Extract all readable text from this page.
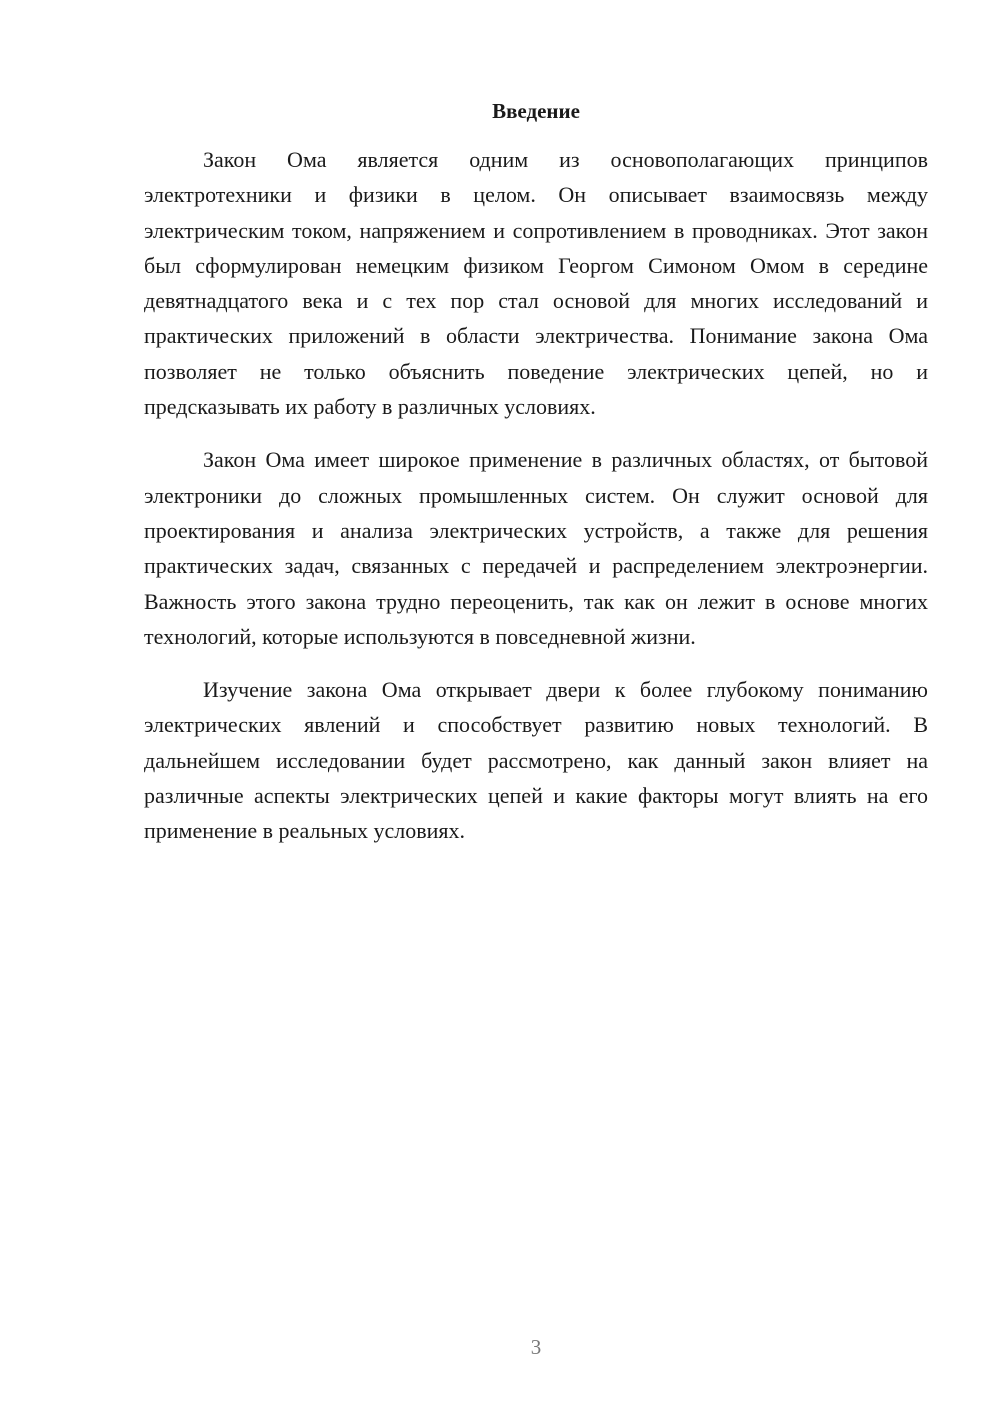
Введение

Закон Ома является одним из основополагающих принципов электротехники и физики в целом. Он описывает взаимосвязь между электрическим током, напряжением и сопротивлением в проводниках. Этот закон был сформулирован немецким физиком Георгом Симоном Омом в середине девятнадцатого века и с тех пор стал основой для многих исследований и практических приложений в области электричества. Понимание закона Ома позволяет не только объяснить поведение электрических цепей, но и предсказывать их работу в различных условиях.

Закон Ома имеет широкое применение в различных областях, от бытовой электроники до сложных промышленных систем. Он служит основой для проектирования и анализа электрических устройств, а также для решения практических задач, связанных с передачей и распределением электроэнергии. Важность этого закона трудно переоценить, так как он лежит в основе многих технологий, которые используются в повседневной жизни.

Изучение закона Ома открывает двери к более глубокому пониманию электрических явлений и способствует развитию новых технологий. В дальнейшем исследовании будет рассмотрено, как данный закон влияет на различные аспекты электрических цепей и какие факторы могут влиять на его применение в реальных условиях.

3
